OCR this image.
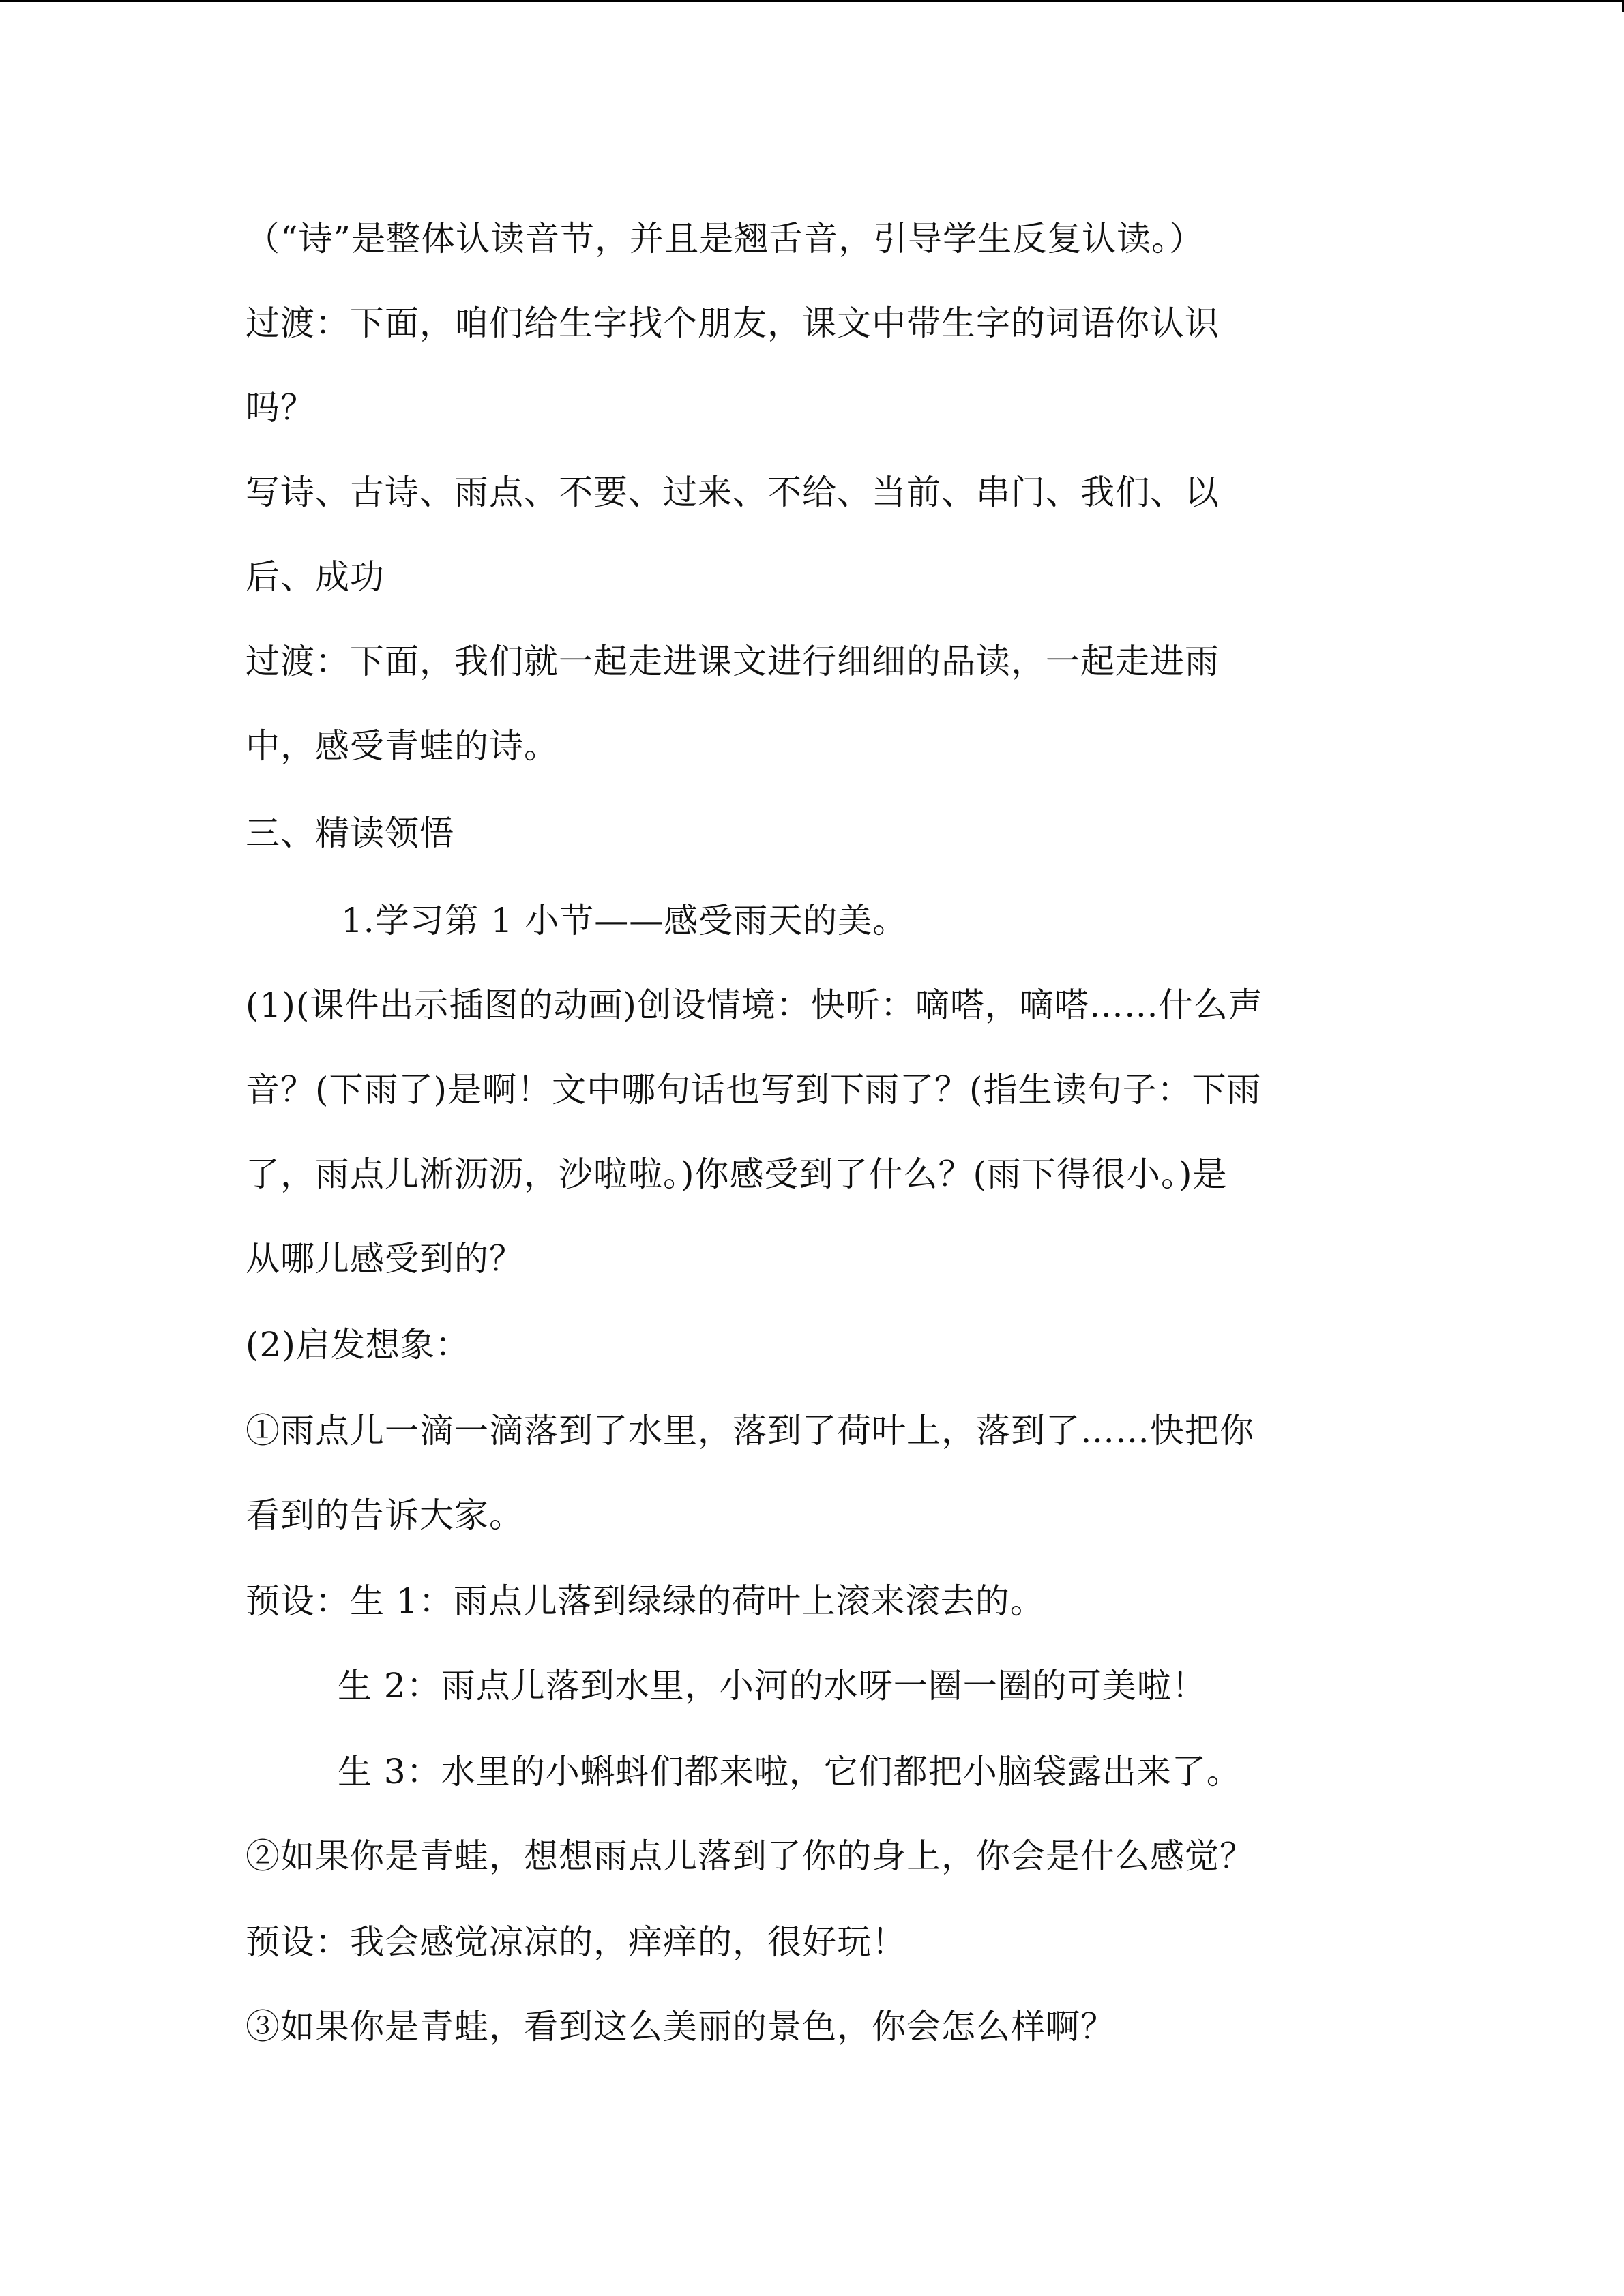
（“诗”是整体认读音节，并且是翘舌音，引导学生反复认读。）
过渡：下面，咱们给生字找个朋友，课文中带生字的词语你认识
吗？
写诗、古诗、雨点、不要、过来、不给、当前、串门、我们、以
后、成功
过渡：下面，我们就一起走进课文进行细细的品读，一起走进雨
中，感受青蛙的诗。
三、精读领悟
1.学习第 1 小节——感受雨天的美。
(1)(课件出示插图的动画)创设情境：快听：嘀嗒，嘀嗒……什么声
音？(下雨了)是啊！文中哪句话也写到下雨了？(指生读句子：下雨
了，雨点儿淅沥沥，沙啦啦。)你感受到了什么？(雨下得很小。)是
从哪儿感受到的？
(2)启发想象：
①雨点儿一滴一滴落到了水里，落到了荷叶上，落到了……快把你
看到的告诉大家。
预设：生 1：雨点儿落到绿绿的荷叶上滚来滚去的。
生 2：雨点儿落到水里，小河的水呀一圈一圈的可美啦！
生 3：水里的小蝌蚪们都来啦，它们都把小脑袋露出来了。
②如果你是青蛙，想想雨点儿落到了你的身上，你会是什么感觉？
预设：我会感觉凉凉的，痒痒的，很好玩！
③如果你是青蛙，看到这么美丽的景色，你会怎么样啊？
